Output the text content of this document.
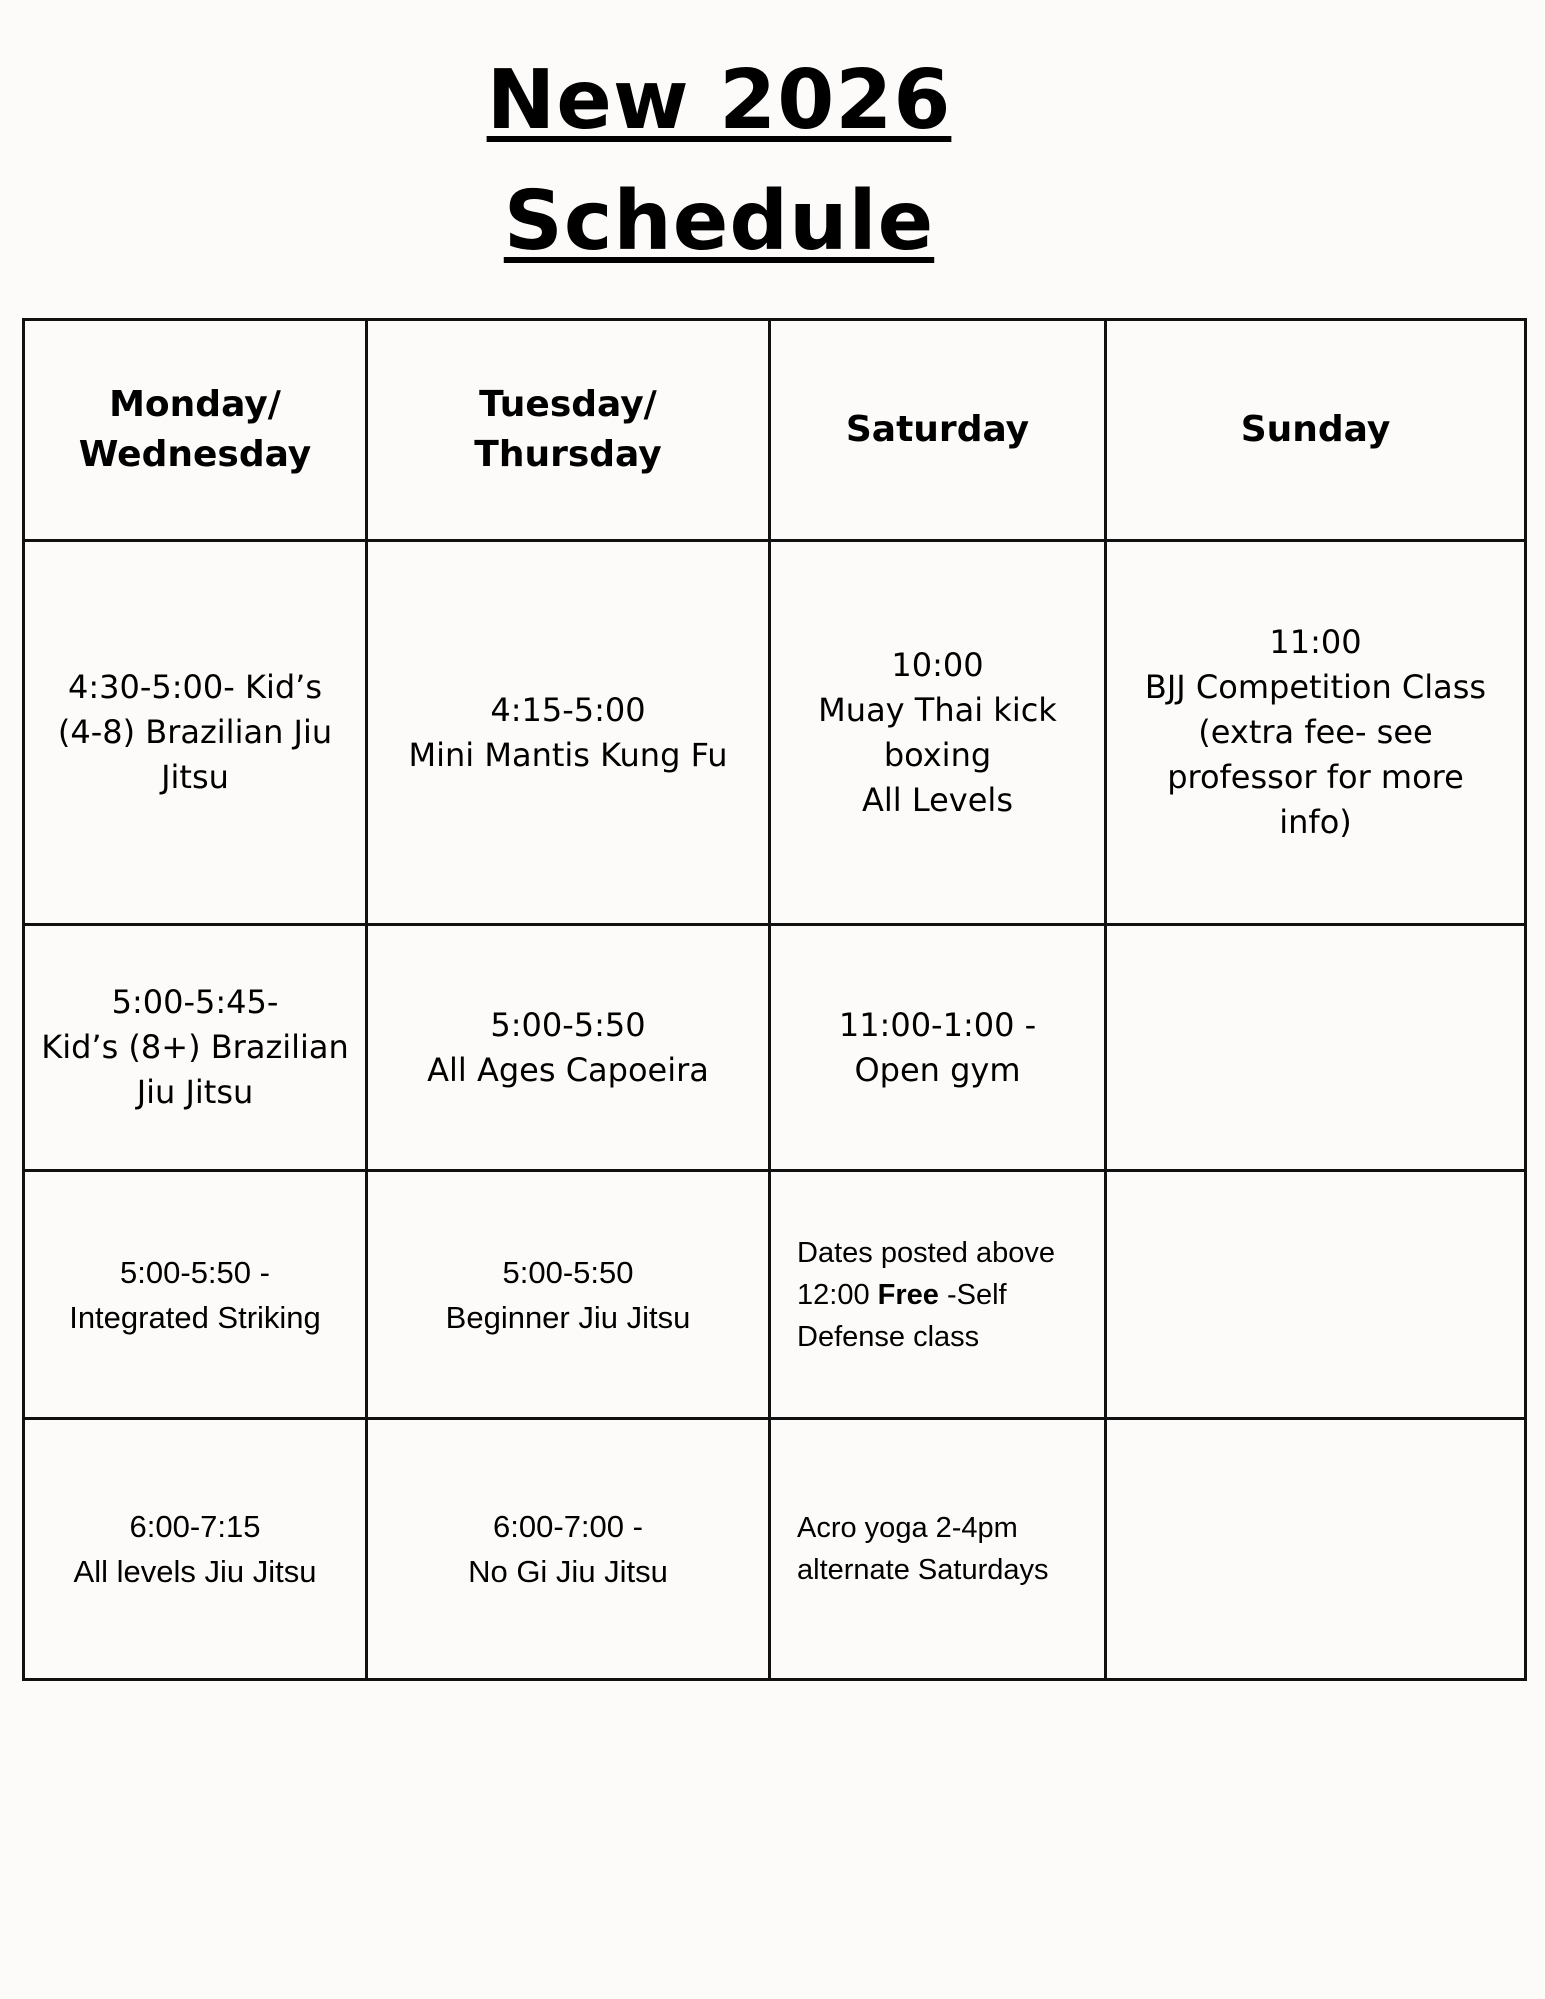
New 2026
Schedule
Monday/
Wednesday	Tuesday/
Thursday	Saturday	Sunday

4:30-5:00- Kid’s
(4-8) Brazilian Jiu
Jitsu	4:15-5:00
Mini Mantis Kung Fu	10:00
Muay Thai kick
boxing
All Levels	11:00
BJJ Competition Class
(extra fee- see
professor for more
info)

5:00-5:45-
Kid’s (8+) Brazilian
Jiu Jitsu	5:00-5:50
All Ages Capoeira	11:00-1:00 -
Open gym	

5:00-5:50 -
Integrated Striking	5:00-5:50
Beginner Jiu Jitsu	Dates posted above
12:00 Free -Self
Defense class	

6:00-7:15
All levels Jiu Jitsu	6:00-7:00 -
No Gi Jiu Jitsu	Acro yoga 2-4pm
alternate Saturdays	
